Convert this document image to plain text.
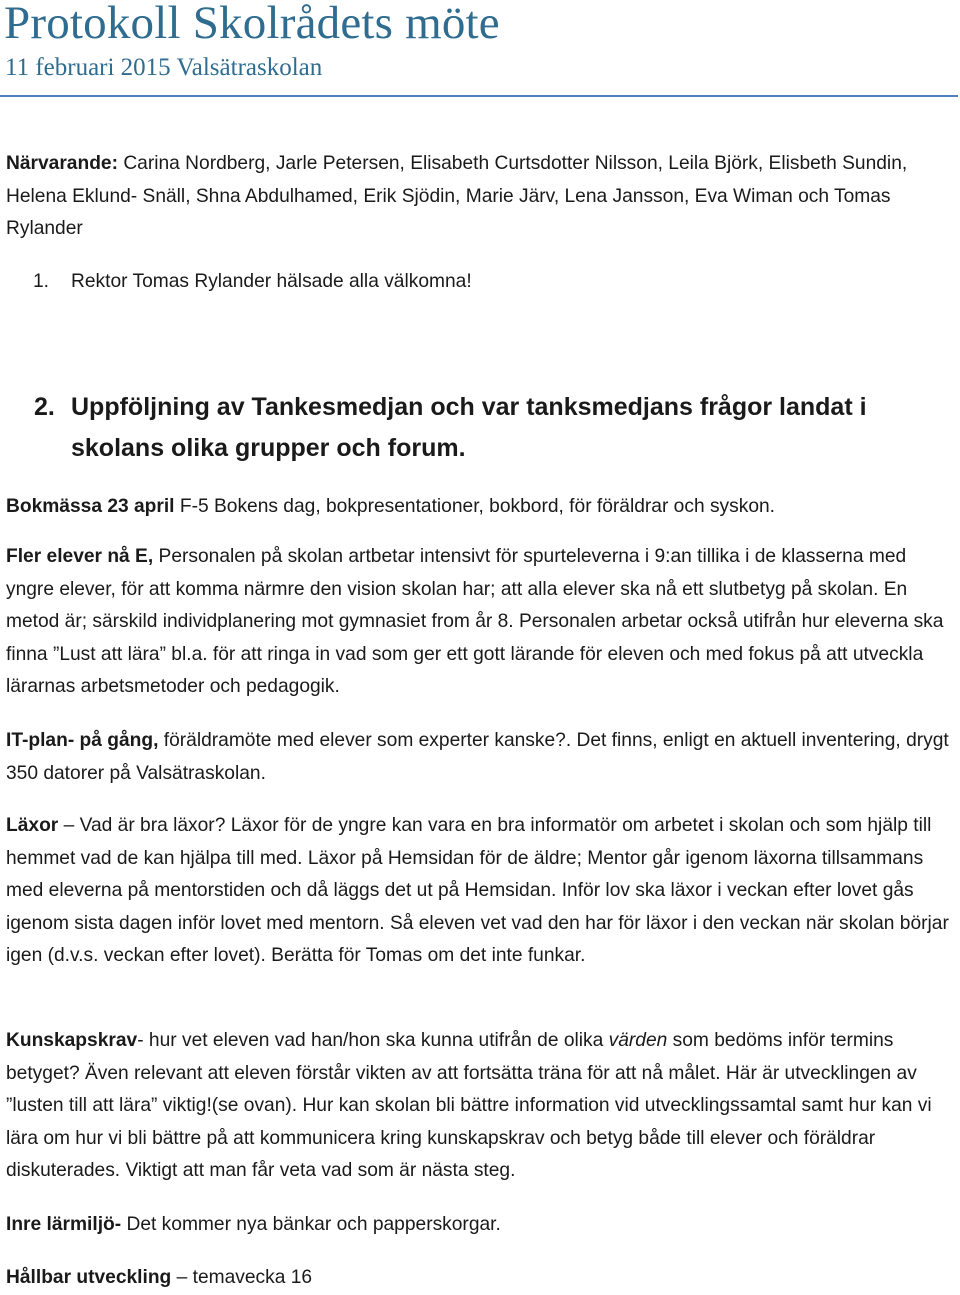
Protokoll Skolrådets möte
11 februari 2015 Valsätraskolan

Närvarande: Carina Nordberg, Jarle Petersen, Elisabeth Curtsdotter Nilsson, Leila Björk, Elisbeth Sundin, Helena Eklund- Snäll, Shna Abdulhamed, Erik Sjödin, Marie Järv, Lena Jansson, Eva Wiman och Tomas Rylander

1. Rektor Tomas Rylander hälsade alla välkomna!
2. Uppföljning av Tankesmedjan och var tanksmedjans frågor landat i skolans olika grupper och forum.

Bokmässa 23 april F-5 Bokens dag, bokpresentationer, bokbord, för föräldrar och syskon.

Fler elever nå E, Personalen på skolan artbetar intensivt för spurteleverna i 9:an tillika i de klasserna med yngre elever, för att komma närmre den vision skolan har; att alla elever ska nå ett slutbetyg på skolan. En metod är; särskild individplanering mot gymnasiet from år 8. Personalen arbetar också utifrån hur eleverna ska finna ”Lust att lära” bl.a. för att ringa in vad som ger ett gott lärande för eleven och med fokus på att utveckla lärarnas arbetsmetoder och pedagogik.

IT-plan- på gång, föräldramöte med elever som experter kanske?. Det finns, enligt en aktuell inventering, drygt 350 datorer på Valsätraskolan.

Läxor – Vad är bra läxor? Läxor för de yngre kan vara en bra informatör om arbetet i skolan och som hjälp till hemmet vad de kan hjälpa till med. Läxor på Hemsidan för de äldre; Mentor går igenom läxorna tillsammans med eleverna på mentorstiden och då läggs det ut på Hemsidan. Inför lov ska läxor i veckan efter lovet gås igenom sista dagen inför lovet med mentorn. Så eleven vet vad den har för läxor i den veckan när skolan börjar igen (d.v.s. veckan efter lovet). Berätta för Tomas om det inte funkar.

Kunskapskrav- hur vet eleven vad han/hon ska kunna utifrån de olika värden som bedöms inför termins betyget? Även relevant att eleven förstår vikten av att fortsätta träna för att nå målet. Här är utvecklingen av ”lusten till att lära” viktig!(se ovan). Hur kan skolan bli bättre information vid utvecklingssamtal samt hur kan vi lära om hur vi bli bättre på att kommunicera kring kunskapskrav och betyg både till elever och föräldrar diskuterades. Viktigt att man får veta vad som är nästa steg.

Inre lärmiljö- Det kommer nya bänkar och papperskorgar.

Hållbar utveckling – temavecka 16
